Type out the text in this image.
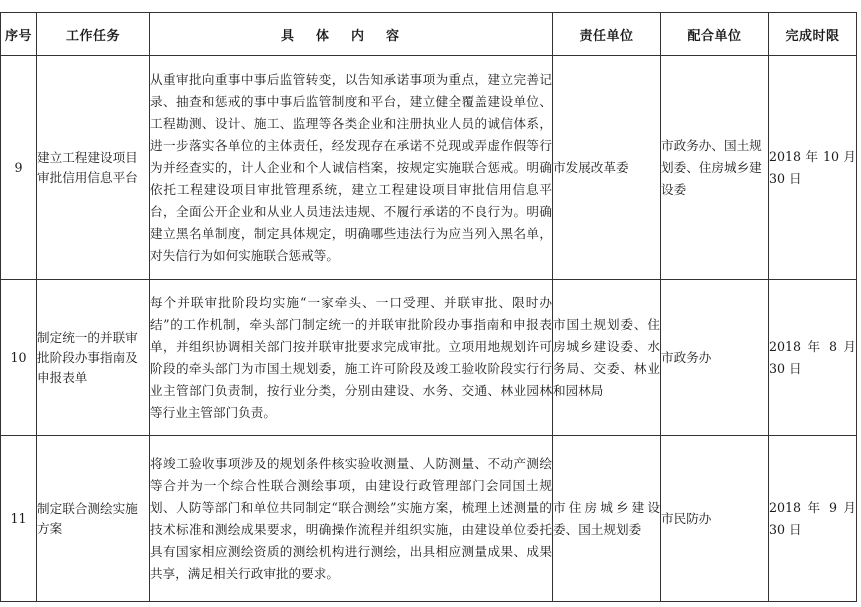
序号	工作任务	具体内容	责任单位	配合单位	完成时限
9	建立工程建设项目审批信用信息平台	从重审批向重事中事后监管转变，以告知承诺事项为重点，建立完善记录、抽查和惩戒的事中事后监管制度和平台，建立健全覆盖建设单位、工程勘测、设计、施工、监理等各类企业和注册执业人员的诚信体系，进一步落实各单位的主体责任，经发现存在承诺不兑现或弄虚作假等行为并经查实的，计人企业和个人诚信档案，按规定实施联合惩戒。明确依托工程建设项目审批管理系统，建立工程建设项目审批信用信息平台，全面公开企业和从业人员违法违规、不履行承诺的不良行为。明确建立黑名单制度，制定具体规定，明确哪些违法行为应当列入黑名单，对失信行为如何实施联合惩戒等。	市发展改革委	市政务办、国土规划委、住房城乡建设委	2018 年 10 月 30 日
10	制定统一的并联审批阶段办事指南及申报表单	每个并联审批阶段均实施“一家牵头、一口受理、并联审批、限时办结”的工作机制，牵头部门制定统一的并联审批阶段办事指南和申报表单，并组织协调相关部门按并联审批要求完成审批。立项用地规划许可阶段的牵头部门为市国土规划委，施工许可阶段及竣工验收阶段实行行业主管部门负责制，按行业分类，分别由建设、水务、交通、林业园林等行业主管部门负责。	市国土规划委、住房城乡建设委、水务局、交委、林业和园林局	市政务办	2018 年 8 月 30 日
11	制定联合测绘实施方案	将竣工验收事项涉及的规划条件核实验收测量、人防测量、不动产测绘等合并为一个综合性联合测绘事项，由建设行政管理部门会同国土规划、人防等部门和单位共同制定“联合测绘”实施方案，梳理上述测量的技术标准和测绘成果要求，明确操作流程并组织实施，由建设单位委托具有国家相应测绘资质的测绘机构进行测绘，出具相应测量成果、成果共享，满足相关行政审批的要求。	市住房城乡建设委、国土规划委	市民防办	2018 年 9 月 30 日
